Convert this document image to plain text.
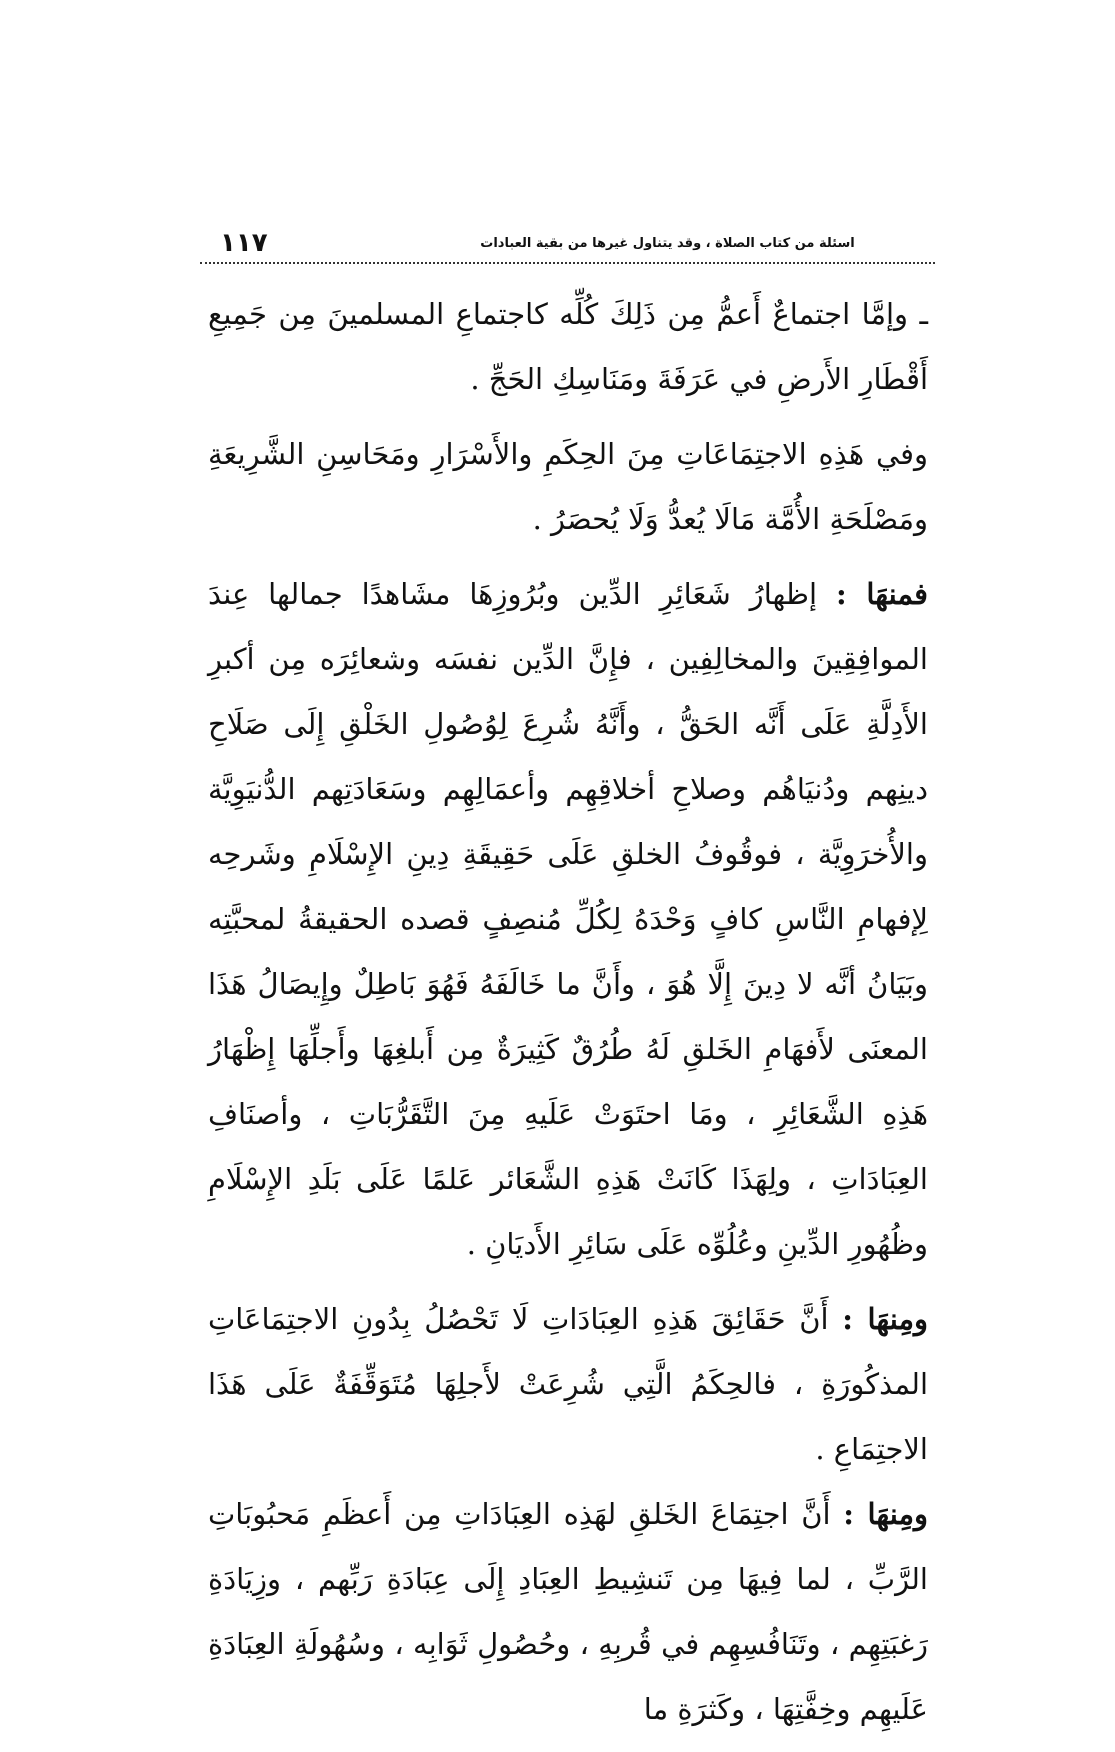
١١٧	اسئلة من كتاب الصلاة ، وقد يتناول غيرها من بقية العبادات

ـ وإمَّا اجتماعٌ أَعمُّ مِن ذَلِكَ كُلِّه كاجتماعِ المسلمينَ مِن جَمِيعِ أَقْطَارِ الأَرضِ في عَرَفَةَ ومَنَاسِكِ الحَجِّ .

وفي هَذِهِ الاجتِمَاعَاتِ مِنَ الحِكَمِ والأَسْرَارِ ومَحَاسِنِ الشَّرِيعَةِ ومَصْلَحَةِ الأُمَّة مَالَا يُعدُّ وَلَا يُحصَرُ .

فمنهَا : إظهارُ شَعَائِرِ الدِّين وبُرُوزِهَا مشَاهدًا جمالها عِندَ الموافِقِينَ والمخالِفِين ، فإِنَّ الدِّين نفسَه وشعائِرَه مِن أكبرِ الأَدِلَّةِ عَلَى أَنَّه الحَقُّ ، وأَنَّهُ شُرِعَ لِوُصُولِ الخَلْقِ إِلَى صَلَاحِ دينِهم ودُنيَاهُم وصلاحِ أخلاقِهِم وأعمَالِهِم وسَعَادَتِهم الدُّنيَوِيَّة والأُخرَوِيَّة ، فوقُوفُ الخلقِ عَلَى حَقِيقَةِ دِينِ الإِسْلَامِ وشَرحِه لِإفهامِ النَّاسِ كافٍ وَحْدَهُ لِكُلِّ مُنصِفٍ قصده الحقيقةُ لمحبَّتِه وبَيَانُ أنَّه لا دِينَ إِلَّا هُوَ ، وأَنَّ ما خَالَفَهُ فَهُوَ بَاطِلٌ وإِيصَالُ هَذَا المعنَى لأَفهَامِ الخَلقِ لَهُ طُرُقٌ كَثِيرَةٌ مِن أَبلغِهَا وأَجلِّهَا إِظْهَارُ هَذِهِ الشَّعَائِرِ ، ومَا احتَوَتْ عَلَيهِ مِنَ التَّقَرُّبَاتِ ، وأصنَافِ العِبَادَاتِ ، ولِهَذَا كَانَتْ هَذِهِ الشَّعَائر عَلمًا عَلَى بَلَدِ الإِسْلَامِ وظُهُورِ الدِّينِ وعُلُوِّه عَلَى سَائِرِ الأَديَانِ .

ومِنهَا : أَنَّ حَقَائِقَ هَذِهِ العِبَادَاتِ لَا تَحْصُلُ بِدُونِ الاجتِمَاعَاتِ المذكُورَةِ ، فالحِكَمُ الَّتِي شُرِعَتْ لأَجلِهَا مُتَوَقِّفَةٌ عَلَى هَذَا الاجتِمَاعِ .

ومِنهَا : أَنَّ اجتِمَاعَ الخَلقِ لهَذِه العِبَادَاتِ مِن أَعظَمِ مَحبُوبَاتِ الرَّبِّ ، لما فِيهَا مِن تَنشِيطِ العِبَادِ إِلَى عِبَادَةِ رَبِّهم ، وزِيَادَةِ رَغبَتِهِم ، وتَنَافُسِهِم في قُربِهِ ، وحُصُولِ ثَوَابِه ، وسُهُولَةِ العِبَادَةِ عَلَيهِم وخِفَّتِهَا ، وكَثرَةِ ما
